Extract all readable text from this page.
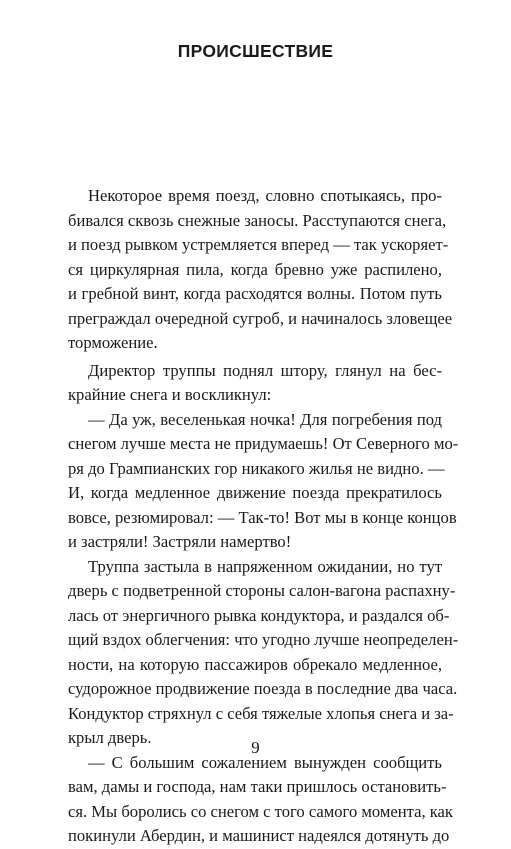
ПРОИСШЕСТВИЕ
Некоторое время поезд, словно спотыкаясь, про-
бивался сквозь снежные заносы. Расступаются снега,
и поезд рывком устремляется вперед — так ускоряет-
ся циркулярная пила, когда бревно уже распилено,
и гребной винт, когда расходятся волны. Потом путь
преграждал очередной сугроб, и начиналось зловещее
торможение.
Директор труппы поднял штору, глянул на бес-
крайние снега и воскликнул:
— Да уж, веселенькая ночка! Для погребения под
снегом лучше места не придумаешь! От Северного мо-
ря до Грампианских гор никакого жилья не видно. —
И, когда медленное движение поезда прекратилось
вовсе, резюмировал: — Так-то! Вот мы в конце концов
и застряли! Застряли намертво!
Труппа застыла в напряженном ожидании, но тут
дверь с подветренной стороны салон-вагона распахну-
лась от энергичного рывка кондуктора, и раздался об-
щий вздох облегчения: что угодно лучше неопределен-
ности, на которую пассажиров обрекало медленное,
судорожное продвижение поезда в последние два часа.
Кондуктор стряхнул с себя тяжелые хлопья снега и за-
крыл дверь.
— С большим сожалением вынужден сообщить
вам, дамы и господа, нам таки пришлось остановить-
ся. Мы боролись со снегом с того самого момента, как
покинули Абердин, и машинист надеялся дотянуть до

9
